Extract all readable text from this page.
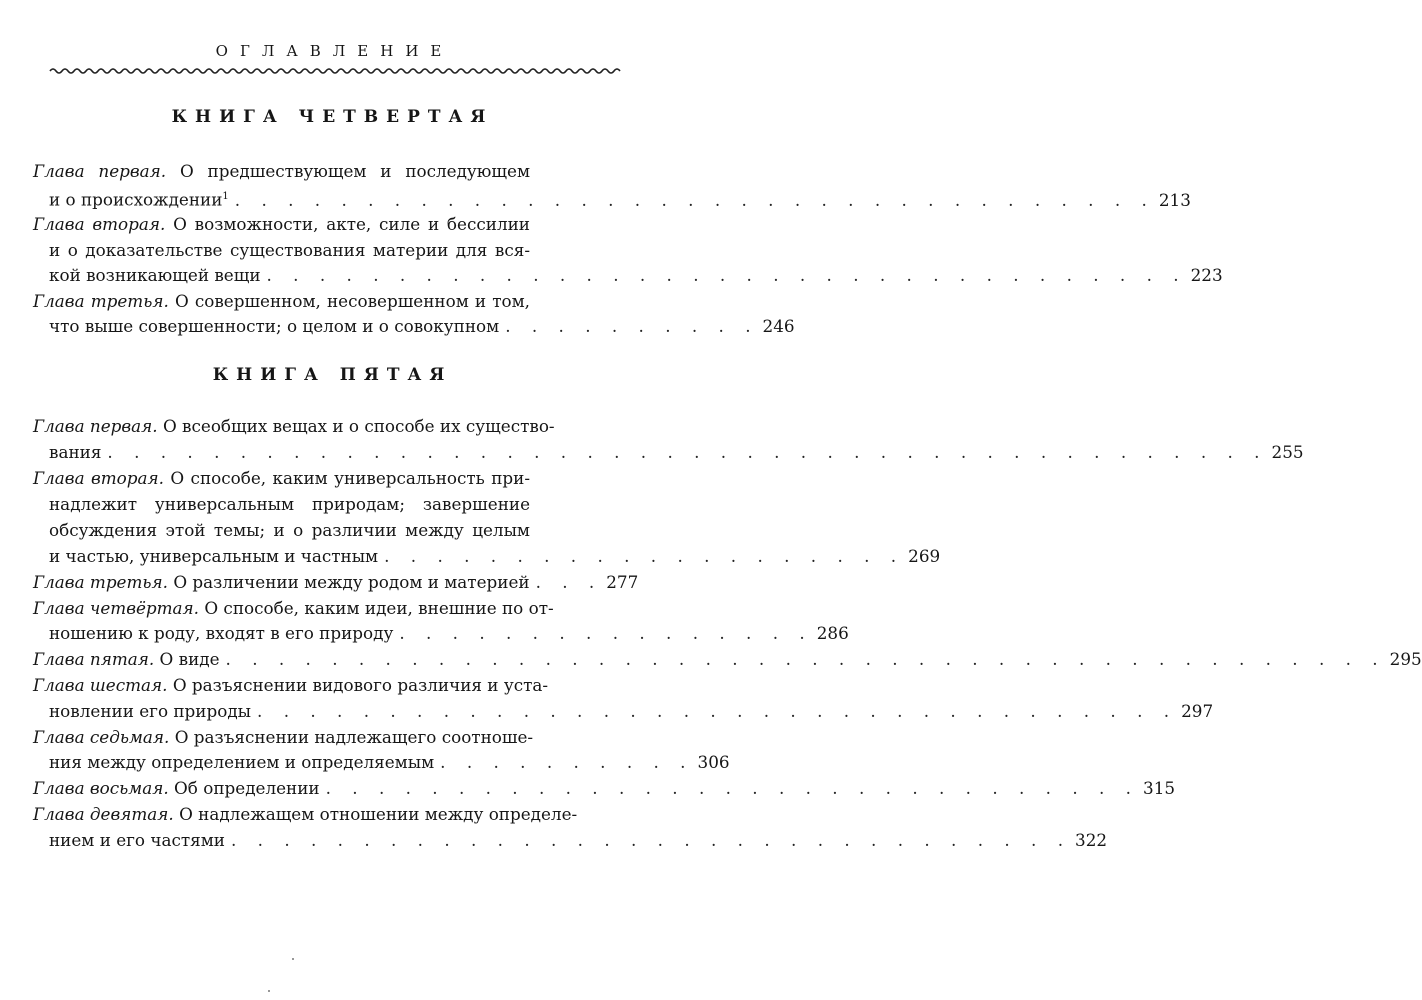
ОГЛАВЛЕНИЕ
КНИГА ЧЕТВЕРТАЯ
Глава первая. О предшествующем и последующем
и о происхождении$^1$ . . . . . . . . . . . . . . . . . . . . . . . . . . . . . . . . . . . 213
Глава вторая. О возможности, акте, силе и бессилии
и о доказательстве существования материи для вся-
кой возникающей вещи . . . . . . . . . . . . . . . . . . . . . . . . . . . . . . . . . . . 223
Глава третья. О совершенном, несовершенном и том,
что выше совершенности; о целом и о совокупном . . . . . . . . . . 246
КНИГА ПЯТАЯ
Глава первая. О всеобщих вещах и о способе их существо-
вания . . . . . . . . . . . . . . . . . . . . . . . . . . . . . . . . . . . . . . . . . . . . 255
Глава вторая. О способе, каким универсальность при-
надлежит универсальным природам; завершение
обсуждения этой темы; и о различии между целым
и частью, универсальным и частным . . . . . . . . . . . . . . . . . . . . 269
Глава третья. О различении между родом и материей . . . 277
Глава четвёртая. О способе, каким идеи, внешние по от-
ношению к роду, входят в его природу . . . . . . . . . . . . . . . . 286
Глава пятая. О виде . . . . . . . . . . . . . . . . . . . . . . . . . . . . . . . . . . . . . . . . . . . . 295
Глава шестая. О разъяснении видового различия и уста-
новлении его природы . . . . . . . . . . . . . . . . . . . . . . . . . . . . . . . . . . . 297
Глава седьмая. О разъяснении надлежащего соотноше-
ния между определением и определяемым . . . . . . . . . . 306
Глава восьмая. Об определении . . . . . . . . . . . . . . . . . . . . . . . . . . . . . . . 315
Глава девятая. О надлежащем отношении между определе-
нием и его частями . . . . . . . . . . . . . . . . . . . . . . . . . . . . . . . . 322
